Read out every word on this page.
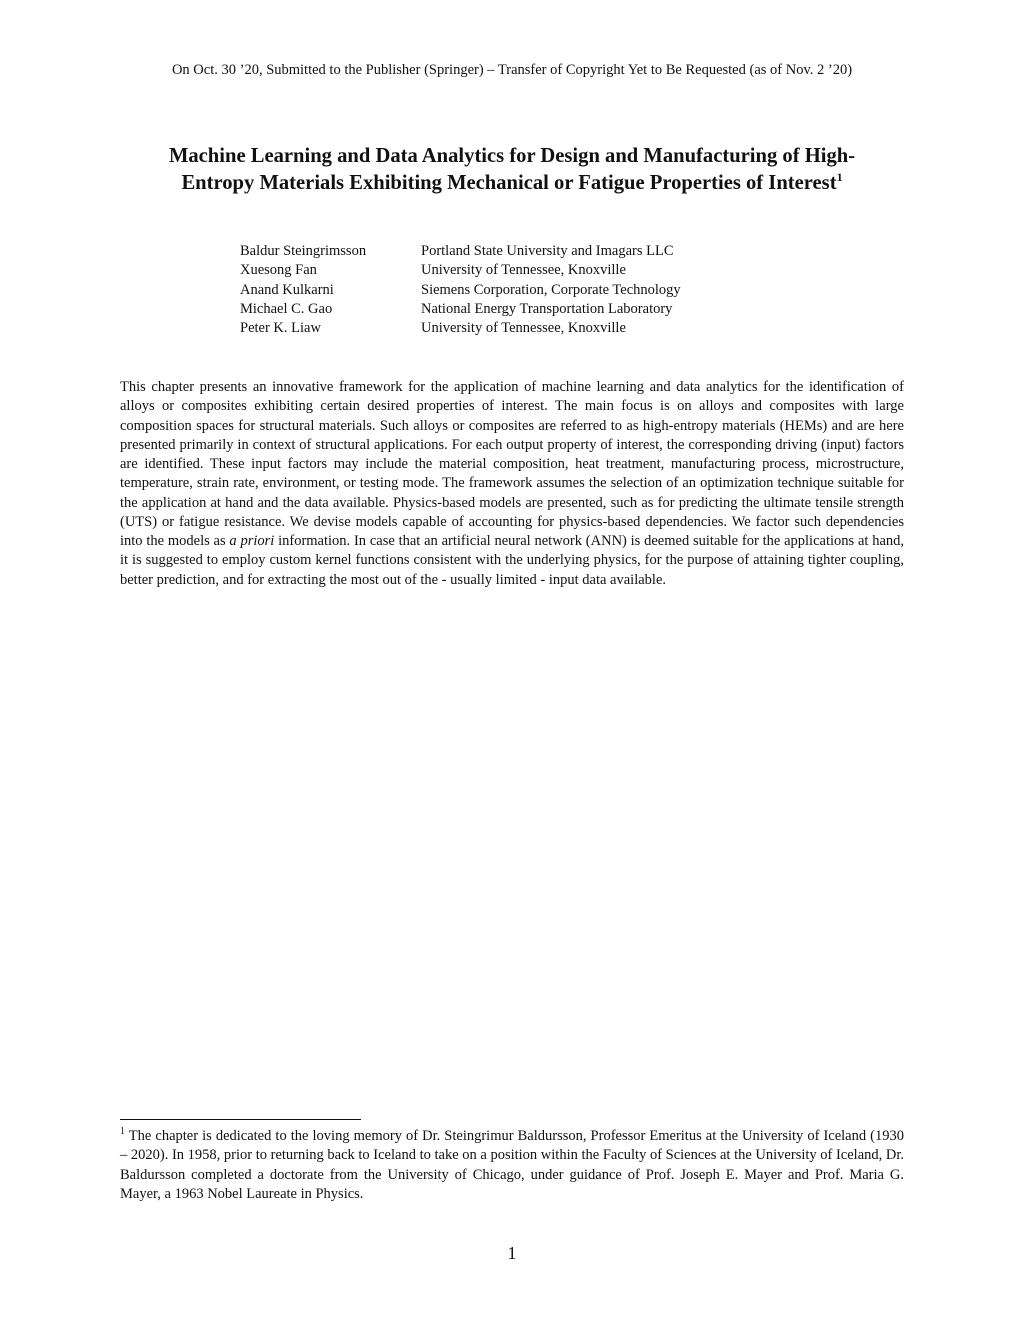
On Oct. 30 ’20, Submitted to the Publisher (Springer) – Transfer of Copyright Yet to Be Requested (as of Nov. 2 ’20)
Machine Learning and Data Analytics for Design and Manufacturing of High-
Entropy Materials Exhibiting Mechanical or Fatigue Properties of Interest$^1$
Baldur Steingrimsson	Portland State University and Imagars LLC
Xuesong Fan	University of Tennessee, Knoxville
Anand Kulkarni	Siemens Corporation, Corporate Technology
Michael C. Gao	National Energy Transportation Laboratory
Peter K. Liaw	University of Tennessee, Knoxville

This chapter presents an innovative framework for the application of machine learning and data analytics for the identification of alloys or composites exhibiting certain desired properties of interest. The main focus is on alloys and composites with large composition spaces for structural materials. Such alloys or composites are referred to as high-entropy materials (HEMs) and are here presented primarily in context of structural applications. For each output property of interest, the corresponding driving (input) factors are identified. These input factors may include the material composition, heat treatment, manufacturing process, microstructure, temperature, strain rate, environment, or testing mode. The framework assumes the selection of an optimization technique suitable for the application at hand and the data available. Physics-based models are presented, such as for predicting the ultimate tensile strength (UTS) or fatigue resistance. We devise models capable of accounting for physics-based dependencies. We factor such dependencies into the models as a priori information. In case that an artificial neural network (ANN) is deemed suitable for the applications at hand, it is suggested to employ custom kernel functions consistent with the underlying physics, for the purpose of attaining tighter coupling, better prediction, and for extracting the most out of the - usually limited - input data available.

$^1$ The chapter is dedicated to the loving memory of Dr. Steingrimur Baldursson, Professor Emeritus at the University of Iceland (1930 – 2020). In 1958, prior to returning back to Iceland to take on a position within the Faculty of Sciences at the University of Iceland, Dr. Baldursson completed a doctorate from the University of Chicago, under guidance of Prof. Joseph E. Mayer and Prof. Maria G. Mayer, a 1963 Nobel Laureate in Physics.

1
